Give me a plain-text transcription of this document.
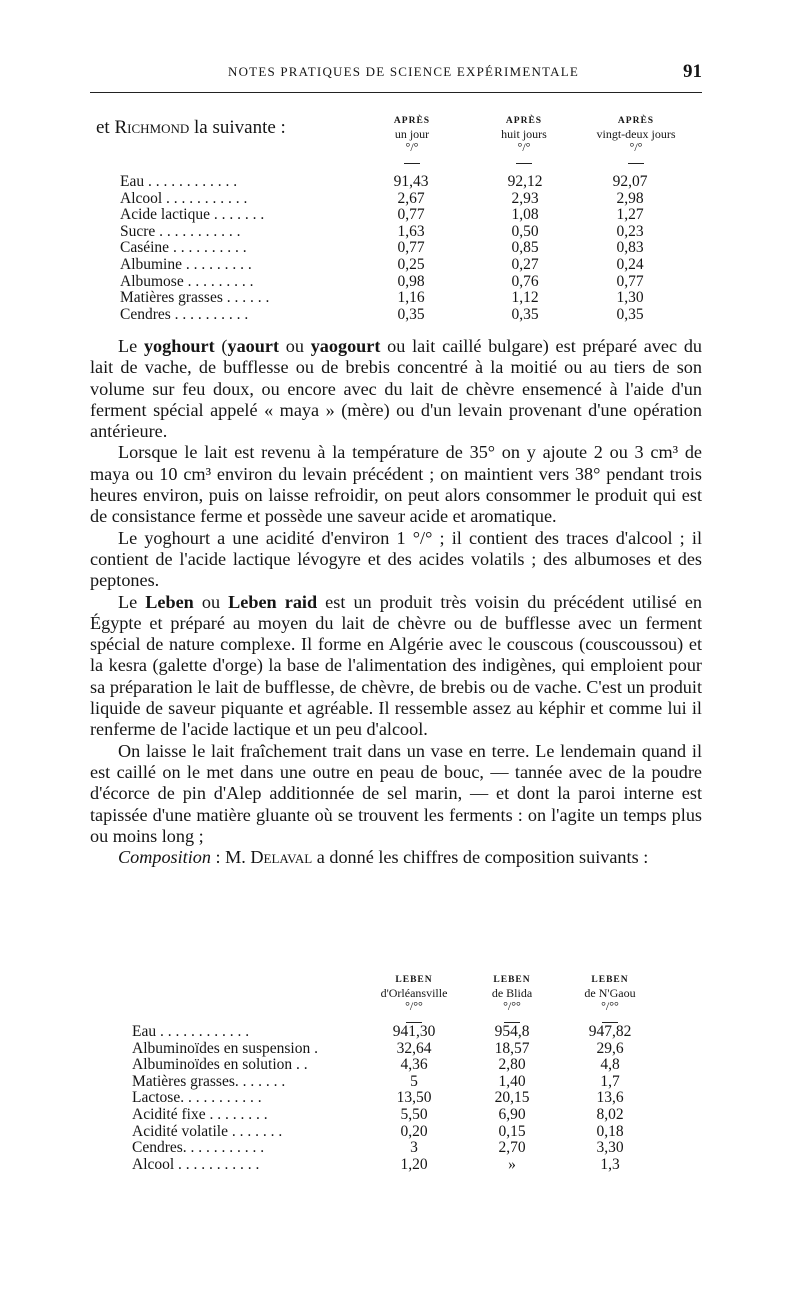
NOTES PRATIQUES DE SCIENCE EXPÉRIMENTALE	91
et Richmond la suivante :	APRÈS
un jour
°/°
APRÈS
huit jours
°/°
APRÈS
vingt-deux jours
°/°
Eau . . . . . . . . . . . .	91,43	92,12	92,07
Alcool . . . . . . . . . . .	2,67	2,93	2,98
Acide lactique . . . . . . .	0,77	1,08	1,27
Sucre . . . . . . . . . . .	1,63	0,50	0,23
Caséine . . . . . . . . . .	0,77	0,85	0,83
Albumine . . . . . . . . .	0,25	0,27	0,24
Albumose . . . . . . . . .	0,98	0,76	0,77
Matières grasses . . . . . .	1,16	1,12	1,30
Cendres . . . . . . . . . .	0,35	0,35	0,35

Le yoghourt (yaourt ou yaogourt ou lait caillé bulgare) est préparé avec du lait de vache, de bufflesse ou de brebis concentré à la moitié ou au tiers de son volume sur feu doux, ou encore avec du lait de chèvre ensemencé à l'aide d'un ferment spécial appelé « maya » (mère) ou d'un levain provenant d'une opération antérieure.

Lorsque le lait est revenu à la température de 35° on y ajoute 2 ou 3 cm³ de maya ou 10 cm³ environ du levain précédent ; on maintient vers 38° pendant trois heures environ, puis on laisse refroidir, on peut alors consommer le produit qui est de consistance ferme et possède une saveur acide et aromatique.

Le yoghourt a une acidité d'environ 1 °/° ; il contient des traces d'alcool ; il contient de l'acide lactique lévogyre et des acides volatils ; des albumoses et des peptones.

Le Leben ou Leben raid est un produit très voisin du précédent utilisé en Égypte et préparé au moyen du lait de chèvre ou de bufflesse avec un ferment spécial de nature complexe. Il forme en Algérie avec le couscous (couscoussou) et la kesra (galette d'orge) la base de l'alimentation des indigènes, qui emploient pour sa préparation le lait de bufflesse, de chèvre, de brebis ou de vache. C'est un produit liquide de saveur piquante et agréable. Il ressemble assez au képhir et comme lui il renferme de l'acide lactique et un peu d'alcool.

On laisse le lait fraîchement trait dans un vase en terre. Le lendemain quand il est caillé on le met dans une outre en peau de bouc, — tannée avec de la poudre d'écorce de pin d'Alep additionnée de sel marin, — et dont la paroi interne est tapissée d'une matière gluante où se trouvent les ferments : on l'agite un temps plus ou moins long ;

Composition : M. Delaval a donné les chiffres de composition suivants :

LEBEN
d'Orléansville
°/°°
LEBEN
de Blida
°/°°
LEBEN
de N'Gaou
°/°°
Eau . . . . . . . . . . . .	941,30	954,8	947,82
Albuminoïdes en suspension .	32,64	18,57	29,6
Albuminoïdes en solution . .	4,36	2,80	4,8
Matières grasses. . . . . . .	5	1,40	1,7
Lactose. . . . . . . . . . .	13,50	20,15	13,6
Acidité fixe . . . . . . . .	5,50	6,90	8,02
Acidité volatile . . . . . . .	0,20	0,15	0,18
Cendres. . . . . . . . . . .	3	2,70	3,30
Alcool . . . . . . . . . . .	1,20	»	1,3
